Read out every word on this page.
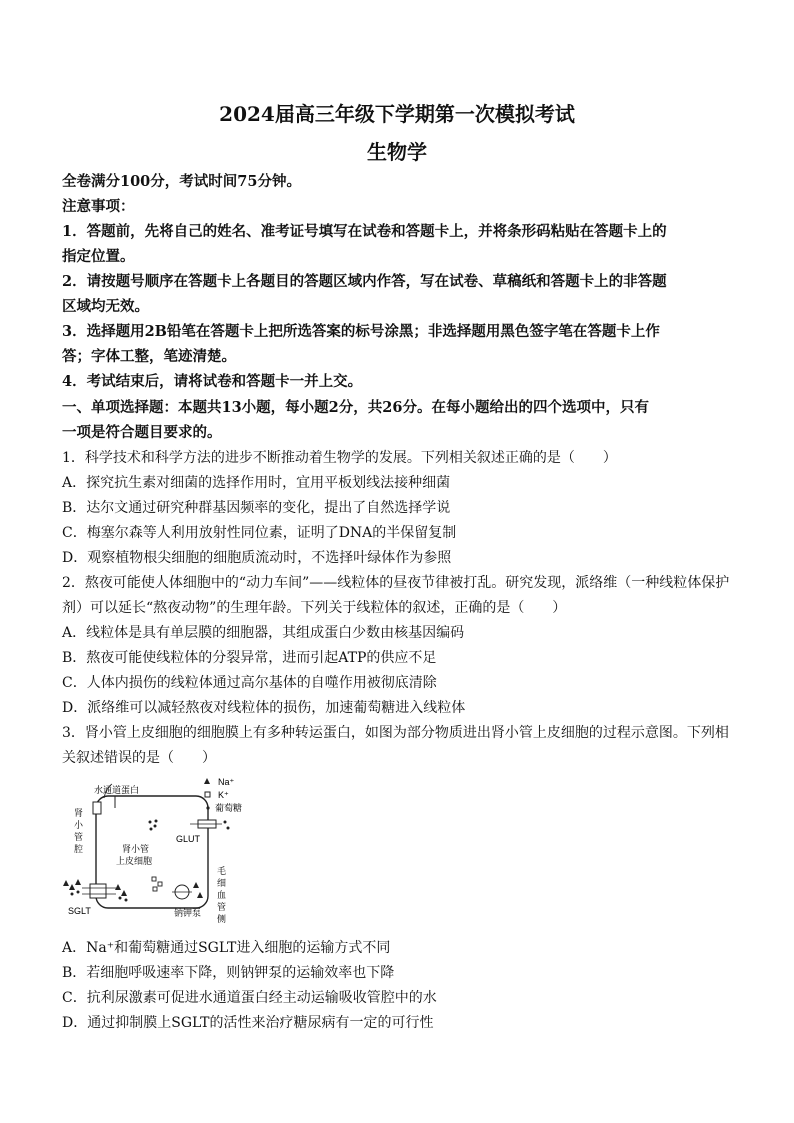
2024届高三年级下学期第一次模拟考试
生物学
全卷满分100分，考试时间75分钟。
注意事项：
1．答题前，先将自己的姓名、准考证号填写在试卷和答题卡上，并将条形码粘贴在答题卡上的
指定位置。
2．请按题号顺序在答题卡上各题目的答题区域内作答，写在试卷、草稿纸和答题卡上的非答题
区域均无效。
3．选择题用2B铅笔在答题卡上把所选答案的标号涂黑；非选择题用黑色签字笔在答题卡上作
答；字体工整，笔迹清楚。
4．考试结束后，请将试卷和答题卡一并上交。
一、单项选择题：本题共13小题，每小题2分，共26分。在每小题给出的四个选项中，只有
一项是符合题目要求的。
1．科学技术和科学方法的进步不断推动着生物学的发展。下列相关叙述正确的是（　　）
A．探究抗生素对细菌的选择作用时，宜用平板划线法接种细菌
B．达尔文通过研究种群基因频率的变化，提出了自然选择学说
C．梅塞尔森等人利用放射性同位素，证明了DNA的半保留复制
D．观察植物根尖细胞的细胞质流动时，不选择叶绿体作为参照
2．熬夜可能使人体细胞中的“动力车间”——线粒体的昼夜节律被打乱。研究发现，派络维（一种线粒体保护
剂）可以延长“熬夜动物”的生理年龄。下列关于线粒体的叙述，正确的是（　　）
A．线粒体是具有单层膜的细胞器，其组成蛋白少数由核基因编码
B．熬夜可能使线粒体的分裂异常，进而引起ATP的供应不足
C．人体内损伤的线粒体通过高尔基体的自噬作用被彻底清除
D．派络维可以减轻熬夜对线粒体的损伤，加速葡萄糖进入线粒体
3．肾小管上皮细胞的细胞膜上有多种转运蛋白，如图为部分物质进出肾小管上皮细胞的过程示意图。下列相
关叙述错误的是（　　）
Na⁺
K⁺
葡萄糖
水通道蛋白
肾
小
管
腔	肾小管
上皮细胞
GLUT
毛
细
血
管
侧
SGLT	钠钾泵
A．Na⁺和葡萄糖通过SGLT进入细胞的运输方式不同
B．若细胞呼吸速率下降，则钠钾泵的运输效率也下降
C．抗利尿激素可促进水通道蛋白经主动运输吸收管腔中的水
D．通过抑制膜上SGLT的活性来治疗糖尿病有一定的可行性
